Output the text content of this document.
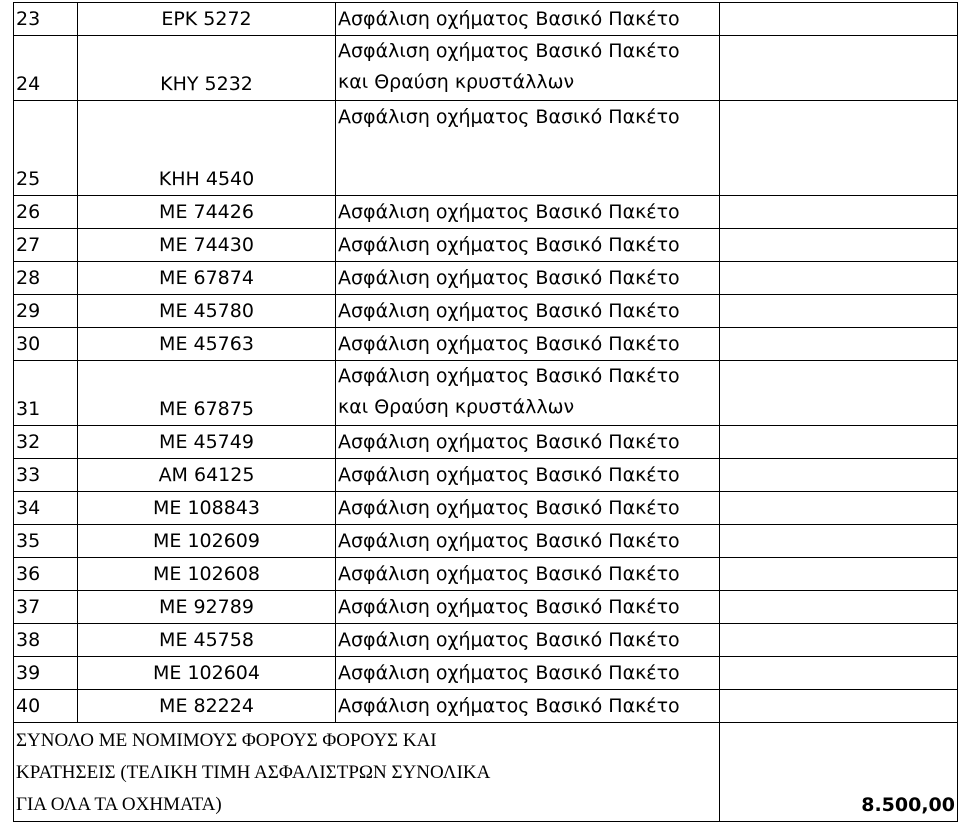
23	ΕΡΚ 5272	Ασφάλιση οχήματος Βασικό Πακέτο	

24	ΚΗΥ 5232	Ασφάλιση οχήματος Βασικό Πακέτο
και Θραύση κρυστάλλων	

25	ΚΗΗ 4540	Ασφάλιση οχήματος Βασικό Πακέτο	

26	ΜΕ 74426	Ασφάλιση οχήματος Βασικό Πακέτο	

27	ΜΕ 74430	Ασφάλιση οχήματος Βασικό Πακέτο	

28	ΜΕ 67874	Ασφάλιση οχήματος Βασικό Πακέτο	

29	ΜΕ 45780	Ασφάλιση οχήματος Βασικό Πακέτο	

30	ΜΕ 45763	Ασφάλιση οχήματος Βασικό Πακέτο	

31	ΜΕ 67875	Ασφάλιση οχήματος Βασικό Πακέτο
και Θραύση κρυστάλλων	

32	ΜΕ 45749	Ασφάλιση οχήματος Βασικό Πακέτο	

33	ΑΜ 64125	Ασφάλιση οχήματος Βασικό Πακέτο	

34	ΜΕ 108843	Ασφάλιση οχήματος Βασικό Πακέτο	

35	ΜΕ 102609	Ασφάλιση οχήματος Βασικό Πακέτο	

36	ΜΕ 102608	Ασφάλιση οχήματος Βασικό Πακέτο	

37	ΜΕ 92789	Ασφάλιση οχήματος Βασικό Πακέτο	

38	ΜΕ 45758	Ασφάλιση οχήματος Βασικό Πακέτο	

39	ΜΕ 102604	Ασφάλιση οχήματος Βασικό Πακέτο	

40	ΜΕ 82224	Ασφάλιση οχήματος Βασικό Πακέτο	

ΣΥΝΟΛΟ ΜΕ ΝΟΜΙΜΟΥΣ ΦΟΡΟΥΣ ΦΟΡΟΥΣ ΚΑΙ
ΚΡΑΤΗΣΕΙΣ (ΤΕΛΙΚΗ ΤΙΜΗ ΑΣΦΑΛΙΣΤΡΩΝ ΣΥΝΟΛΙΚΑ
ΓΙΑ ΟΛΑ ΤΑ ΟΧΗΜΑΤΑ)			8.500,00
